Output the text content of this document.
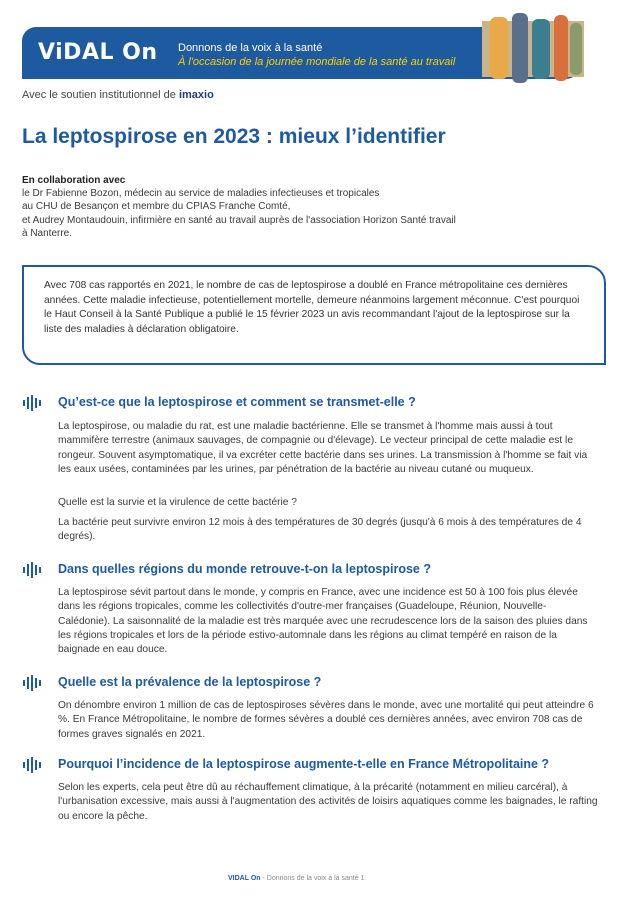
ViDAL On Donnons de la voix à la santé
À l'occasion de la journée mondiale de la santé au travail
Avec le soutien institutionnel de imaxio
La leptospirose en 2023 : mieux l’identifier
En collaboration avec
le Dr Fabienne Bozon, médecin au service de maladies infectieuses et tropicales
au CHU de Besançon et membre du CPIAS Franche Comté,
et Audrey Montaudouin, infirmière en santé au travail auprès de l'association Horizon Santé travail
à Nanterre.

Avec 708 cas rapportés en 2021, le nombre de cas de leptospirose a doublé en France métropolitaine ces dernières années. Cette maladie infectieuse, potentiellement mortelle, demeure néanmoins largement méconnue. C'est pourquoi le Haut Conseil à la Santé Publique a publié le 15 février 2023 un avis recommandant l'ajout de la leptospirose sur la liste des maladies à déclaration obligatoire.

Qu’est-ce que la leptospirose et comment se transmet-elle ?

La leptospirose, ou maladie du rat, est une maladie bactérienne. Elle se transmet à l'homme mais aussi à tout mammifère terrestre (animaux sauvages, de compagnie ou d'élevage). Le vecteur principal de cette maladie est le rongeur. Souvent asymptomatique, il va excréter cette bactérie dans ses urines. La transmission à l'homme se fait via les eaux usées, contaminées par les urines, par pénétration de la bactérie au niveau cutané ou muqueux.

Quelle est la survie et la virulence de cette bactérie ?

La bactérie peut survivre environ 12 mois à des températures de 30 degrés (jusqu'à 6 mois à des températures de 4 degrés).

Dans quelles régions du monde retrouve-t-on la leptospirose ?

La leptospirose sévit partout dans le monde, y compris en France, avec une incidence est 50 à 100 fois plus élevée dans les régions tropicales, comme les collectivités d'outre-mer françaises (Guadeloupe, Réunion, Nouvelle-Calédonie). La saisonnalité de la maladie est très marquée avec une recrudescence lors de la saison des pluies dans les régions tropicales et lors de la période estivo-automnale dans les régions au climat tempéré en raison de la baignade en eau douce.

Quelle est la prévalence de la leptospirose ?

On dénombre environ 1 million de cas de leptospiroses sévères dans le monde, avec une mortalité qui peut atteindre 6 %. En France Métropolitaine, le nombre de formes sévères a doublé ces dernières années, avec environ 708 cas de formes graves signalés en 2021.

Pourquoi l’incidence de la leptospirose augmente-t-elle en France Métropolitaine ?

Selon les experts, cela peut être dû au réchauffement climatique, à la précarité (notamment en milieu carcéral), à l'urbanisation excessive, mais aussi à l'augmentation des activités de loisirs aquatiques comme les baignades, le rafting ou encore la pêche.

VIDAL On - Donnons de la voix à la santé 1
